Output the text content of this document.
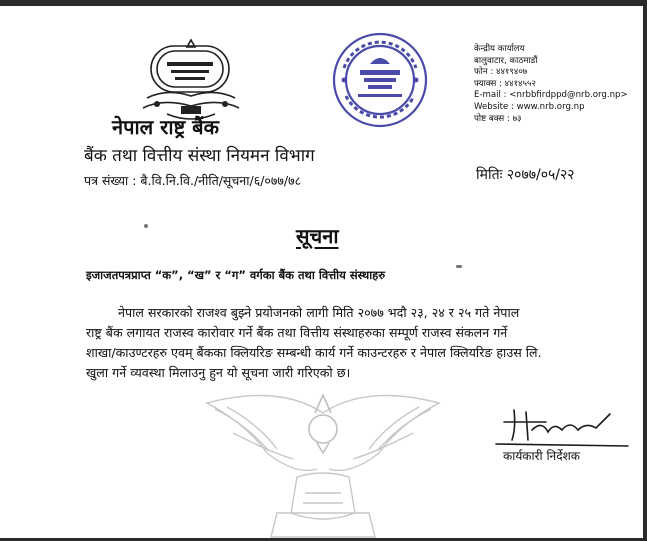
नेपाल राष्ट्र बैंक
बैंक तथा वित्तीय संस्था नियमन विभाग
पत्र संख्या : बै.वि.नि.वि./नीति/सूचना/६/०७७/७८	मितिः २०७७/०५/२२
केन्द्रीय कार्यालय
बालुवाटार, काठमाडौं
फोन : ४४१९४०७
फ्याक्स : ४४१४५५२
E-mail : <nrbbfirdppd@nrb.org.np>
Website : www.nrb.org.np
पोष्ट बक्स : ७३
सूचना
इजाजतपत्रप्राप्त “क”, “ख” र “ग” वर्गका बैंक तथा वित्तीय संस्थाहरु
नेपाल सरकारको राजश्व बुझ्ने प्रयोजनको लागी मिति २०७७ भदौ २३, २४ र २५ गते नेपाल
राष्ट्र बैंक लगायत राजस्व कारोवार गर्ने बैंक तथा वित्तीय संस्थाहरुका सम्पूर्ण राजस्व संकलन गर्ने
शाखा/काउण्टरहरु एवम् बैंकका क्लियरिङ सम्बन्धी कार्य गर्ने काउन्टरहरु र नेपाल क्लियरिङ हाउस लि.
खुला गर्ने व्यवस्था मिलाउनु हुन यो सूचना जारी गरिएको छ।
कार्यकारी निर्देशक
